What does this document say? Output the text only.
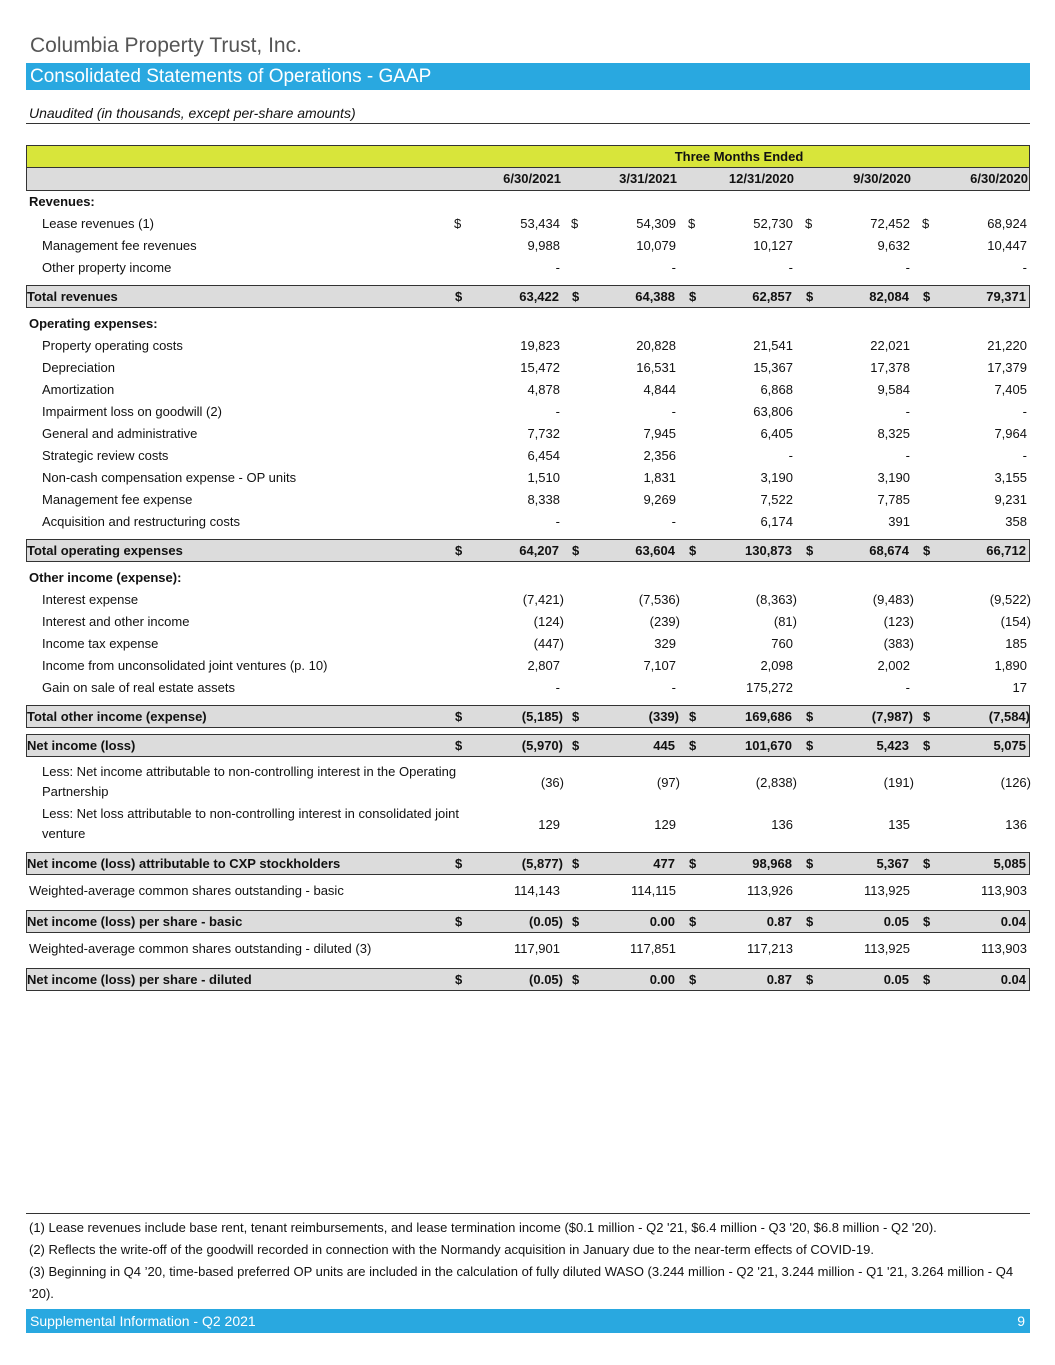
Columbia Property Trust, Inc.
Consolidated Statements of Operations - GAAP
Unaudited (in thousands, except per-share amounts)
Three Months Ended
6/30/2021	3/31/2021	12/31/2020	9/30/2020	6/30/2020
Revenues:
Lease revenues (1)	$	53,434 $	54,309 $	52,730 $	72,452 $	68,924
Management fee revenues	9,988	10,079	10,127	9,632	10,447
Other property income	-	-	-	-	-
Total revenues	$	63,422 $	64,388 $	62,857 $	82,084 $	79,371
Operating expenses:
Property operating costs	19,823	20,828	21,541	22,021	21,220
Depreciation	15,472	16,531	15,367	17,378	17,379
Amortization	4,878	4,844	6,868	9,584	7,405
Impairment loss on goodwill (2)	-	-	63,806	-	-
General and administrative	7,732	7,945	6,405	8,325	7,964
Strategic review costs	6,454	2,356	-	-	-
Non-cash compensation expense - OP units	1,510	1,831	3,190	3,190	3,155
Management fee expense	8,338	9,269	7,522	7,785	9,231
Acquisition and restructuring costs	-	-	6,174	391	358
Total operating expenses	$	64,207 $	63,604 $	130,873 $	68,674 $	66,712
Other income (expense):
Interest expense	(7,421)	(7,536)	(8,363)	(9,483)	(9,522)
Interest and other income	(124)	(239)	(81)	(123)	(154)
Income tax expense	(447)	329	760	(383)	185
Income from unconsolidated joint ventures (p. 10)	2,807	7,107	2,098	2,002	1,890
Gain on sale of real estate assets	-	-	175,272	-	17
Total other income (expense)	$	(5,185) $	(339) $	169,686 $	(7,987) $	(7,584)
Net income (loss)	$	(5,970) $	445 $	101,670 $	5,423 $	5,075
Less: Net income attributable to non-controlling interest in the Operating Partnership
(36)	(97)	(2,838)	(191)	(126)
Less: Net loss attributable to non-controlling interest in consolidated joint venture
129	129	136	135	136
Net income (loss) attributable to CXP stockholders	$	(5,877) $	477 $	98,968 $	5,367 $	5,085
Weighted-average common shares outstanding - basic	114,143	114,115	113,926	113,925	113,903
Net income (loss) per share - basic	$	(0.05) $	0.00 $	0.87 $	0.05 $	0.04
Weighted-average common shares outstanding - diluted (3)	117,901	117,851	117,213	113,925	113,903
Net income (loss) per share - diluted	$	(0.05) $	0.00 $	0.87 $	0.05 $	0.04
(1) Lease revenues include base rent, tenant reimbursements, and lease termination income ($0.1 million - Q2 '21, $6.4 million - Q3 '20, $6.8 million - Q2 '20).
(2) Reflects the write-off of the goodwill recorded in connection with the Normandy acquisition in January due to the near-term effects of COVID-19.
(3) Beginning in Q4 ’20, time-based preferred OP units are included in the calculation of fully diluted WASO (3.244 million - Q2 '21, 3.244 million - Q1 '21, 3.264 million - Q4 '20).
Supplemental Information - Q2 2021	9
